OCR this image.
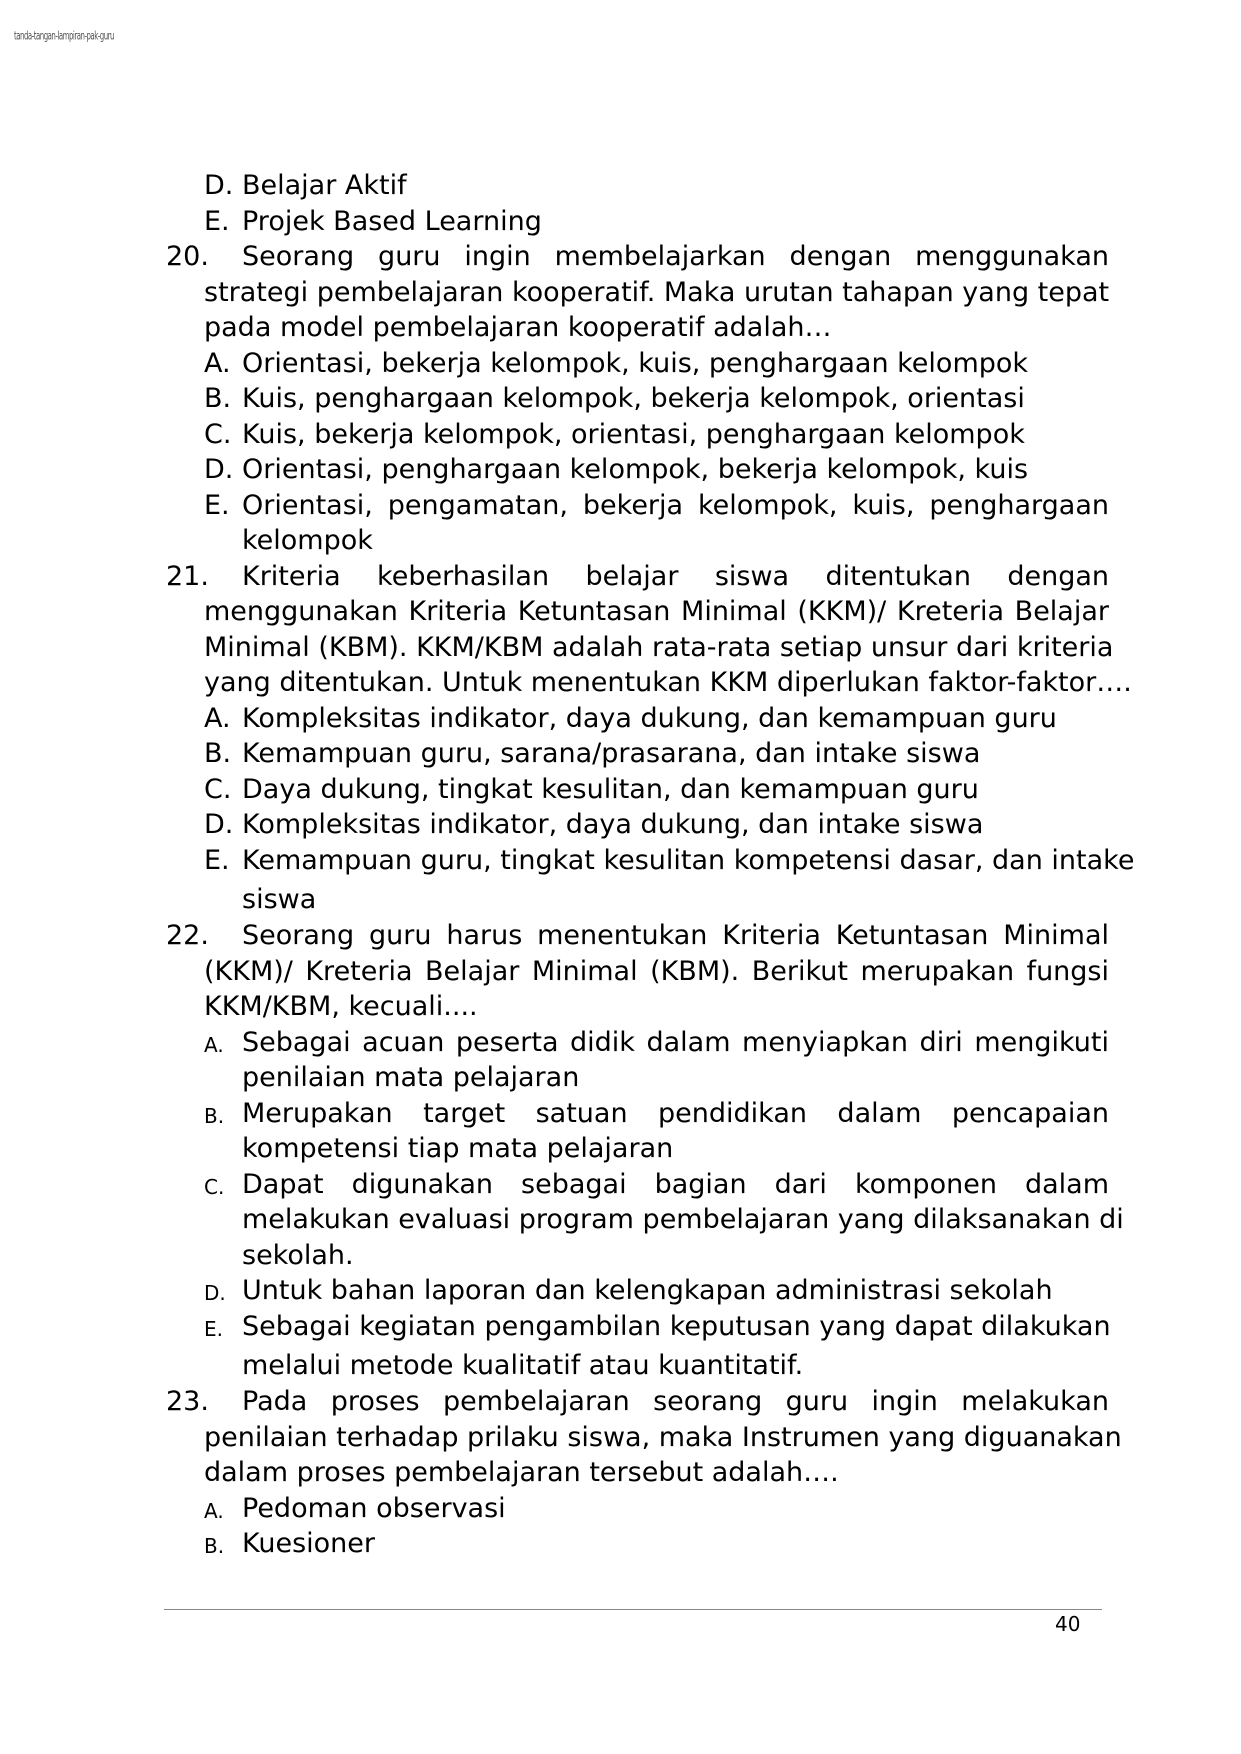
tanda-tangan-lampiran-pak-guru
D. Belajar Aktif
E. Projek Based Learning
20. Seorang guru ingin membelajarkan dengan menggunakan
strategi pembelajaran kooperatif. Maka urutan tahapan yang tepat
pada model pembelajaran kooperatif adalah…
A. Orientasi, bekerja kelompok, kuis, penghargaan kelompok
B. Kuis, penghargaan kelompok, bekerja kelompok, orientasi
C. Kuis, bekerja kelompok, orientasi, penghargaan kelompok
D. Orientasi, penghargaan kelompok, bekerja kelompok, kuis
E. Orientasi, pengamatan, bekerja kelompok, kuis, penghargaan
kelompok
21. Kriteria keberhasilan belajar siswa ditentukan dengan
menggunakan Kriteria Ketuntasan Minimal (KKM)/ Kreteria Belajar
Minimal (KBM). KKM/KBM adalah rata-rata setiap unsur dari kriteria
yang ditentukan. Untuk menentukan KKM diperlukan faktor-faktor….
A. Kompleksitas indikator, daya dukung, dan kemampuan guru
B. Kemampuan guru, sarana/prasarana, dan intake siswa
C. Daya dukung, tingkat kesulitan, dan kemampuan guru
D. Kompleksitas indikator, daya dukung, dan intake siswa
E. Kemampuan guru, tingkat kesulitan kompetensi dasar, dan intake
siswa
22. Seorang guru harus menentukan Kriteria Ketuntasan Minimal
(KKM)/ Kreteria Belajar Minimal (KBM). Berikut merupakan fungsi
KKM/KBM, kecuali....
A. Sebagai acuan peserta didik dalam menyiapkan diri mengikuti
penilaian mata pelajaran
B. Merupakan target satuan pendidikan dalam pencapaian
kompetensi tiap mata pelajaran
C. Dapat digunakan sebagai bagian dari komponen dalam
melakukan evaluasi program pembelajaran yang dilaksanakan di
sekolah.
D. Untuk bahan laporan dan kelengkapan administrasi sekolah
E. Sebagai kegiatan pengambilan keputusan yang dapat dilakukan
melalui metode kualitatif atau kuantitatif.
23. Pada proses pembelajaran seorang guru ingin melakukan
penilaian terhadap prilaku siswa, maka Instrumen yang diguanakan
dalam proses pembelajaran tersebut adalah….
A. Pedoman observasi
B. Kuesioner
40
